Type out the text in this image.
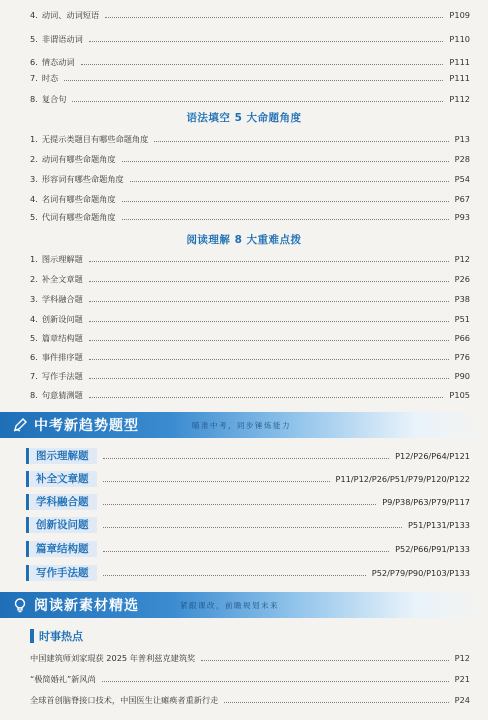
4. 动词、动词短语	P109
5. 非谓语动词	P110
6. 情态动词	P111
7. 时态	P111
8. 复合句	P112
语法填空 5 大命题角度
1. 无提示类题目有哪些命题角度	P13
2. 动词有哪些命题角度	P28
3. 形容词有哪些命题角度	P54
4. 名词有哪些命题角度	P67
5. 代词有哪些命题角度	P93
阅读理解 8 大重难点拨
1. 图示理解题	P12
2. 补全文章题	P26
3. 学科融合题	P38
4. 创新设问题	P51
5. 篇章结构题	P66
6. 事件排序题	P76
7. 写作手法题	P90
8. 句意猜测题	P105
中考新趋势题型	瞄准中考，同步锤炼能力
图示理解题	P12/P26/P64/P121
补全文章题	P11/P12/P26/P51/P79/P120/P122
学科融合题	P9/P38/P63/P79/P117
创新设问题	P51/P131/P133
篇章结构题	P52/P66/P91/P133
写作手法题	P52/P79/P90/P103/P133
阅读新素材精选	紧跟课改，前瞻规划未来
时事热点
中国建筑师刘家琨获 2025 年普利兹克建筑奖	P12
“极简婚礼”新风尚	P21
全球首创脑脊接口技术，中国医生让瘫痪者重新行走	P24
